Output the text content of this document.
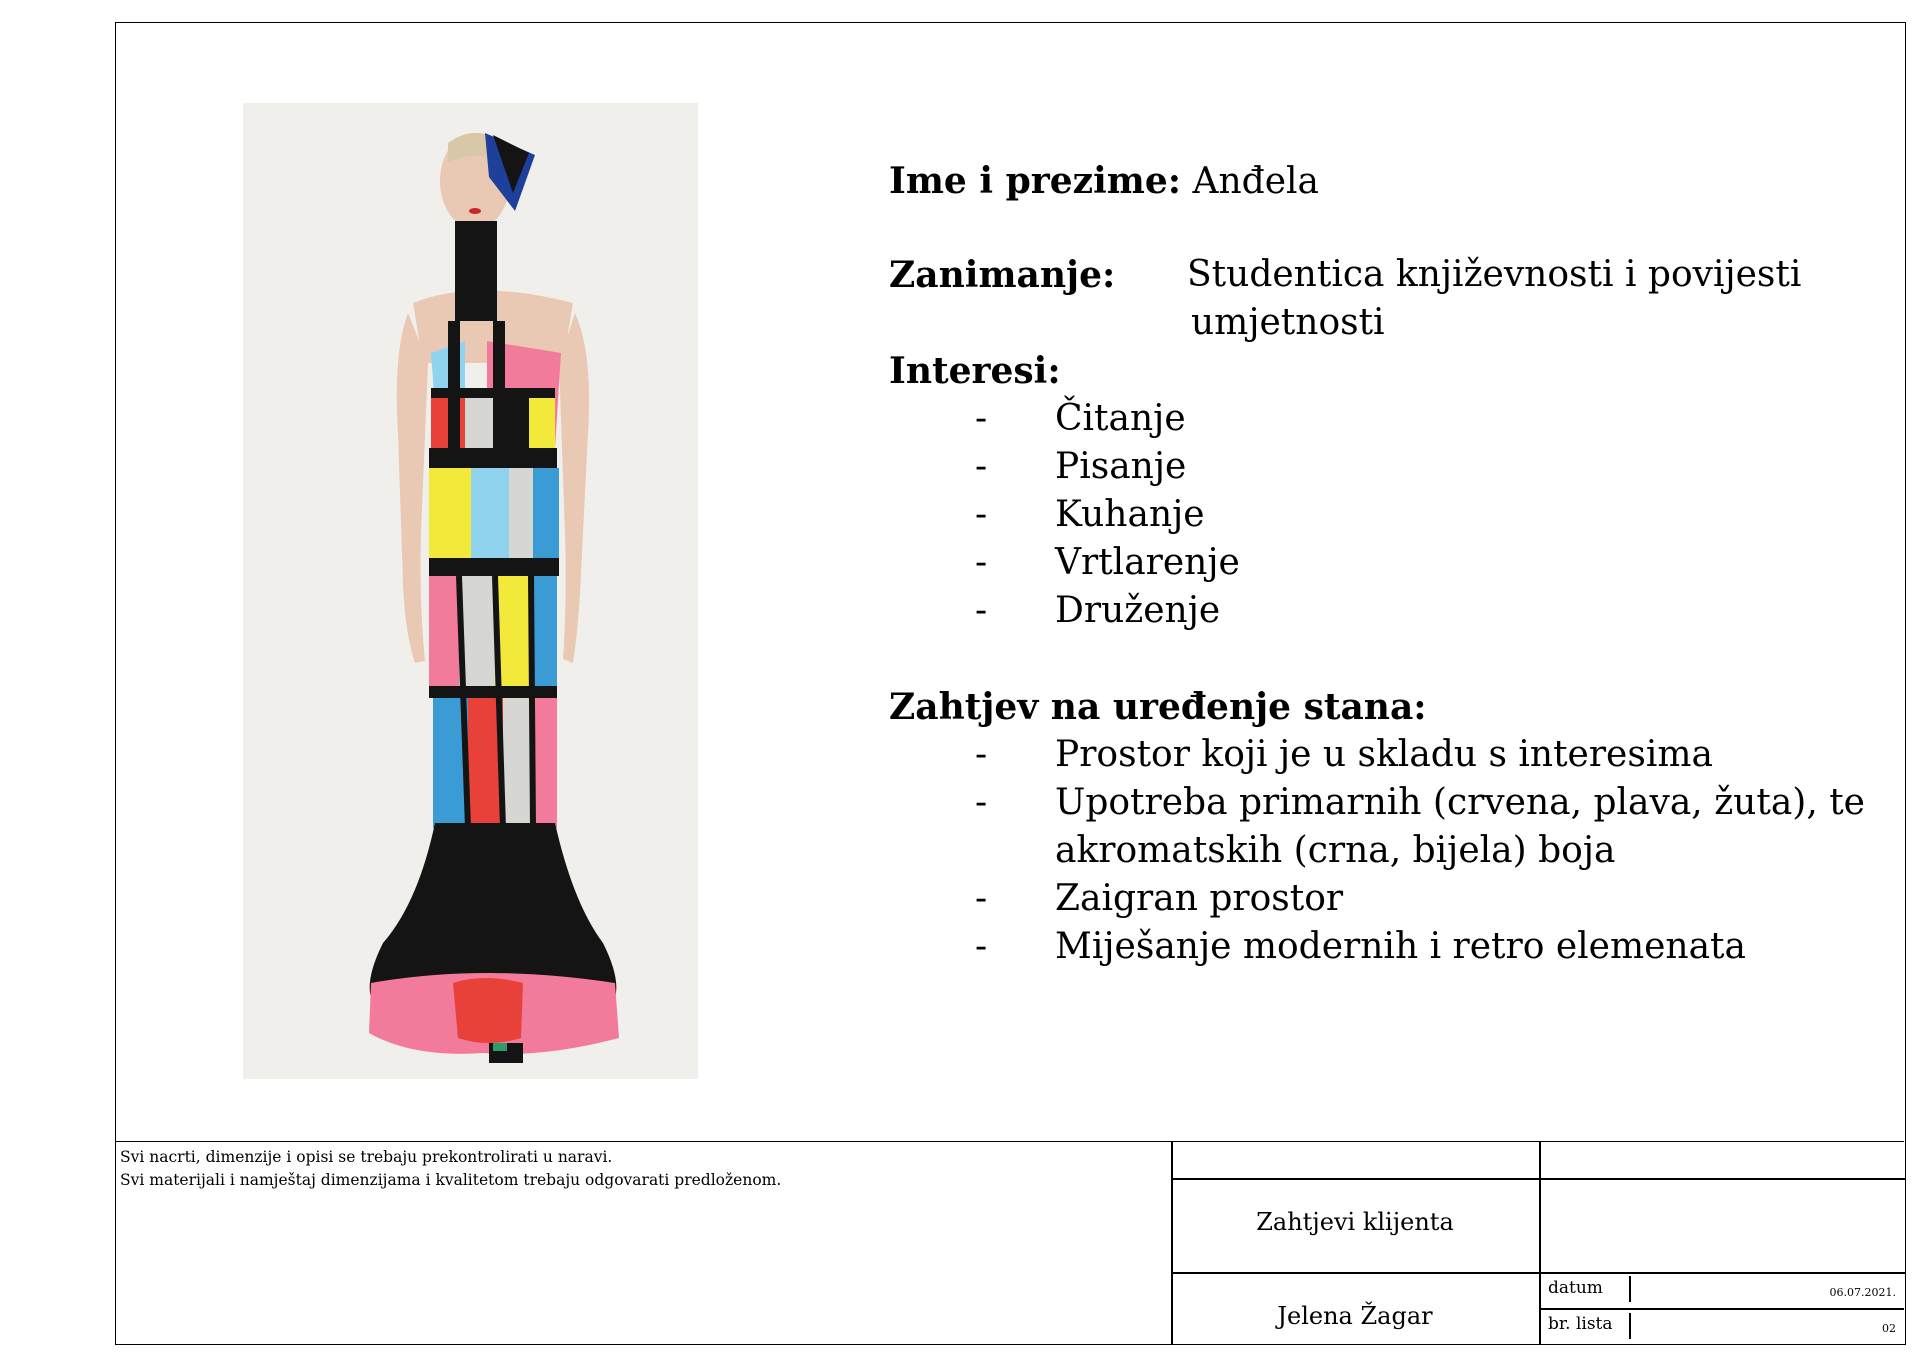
Ime i prezime: Anđela
Zanimanje: Studentica književnosti i povijesti
umjetnosti
Interesi:
- Čitanje
- Pisanje
- Kuhanje
- Vrtlarenje
- Druženje
Zahtjev na uređenje stana:
- Prostor koji je u skladu s interesima
- Upotreba primarnih (crvena, plava, žuta), te
akromatskih (crna, bijela) boja
- Zaigran prostor
- Miješanje modernih i retro elemenata
Svi nacrti, dimenzije i opisi se trebaju prekontrolirati u naravi.
Svi materijali i namještaj dimenzijama i kvalitetom trebaju odgovarati predloženom.
Zahtjevi klijenta
Jelena Žagar
datum	06.07.2021.
br. lista	02
